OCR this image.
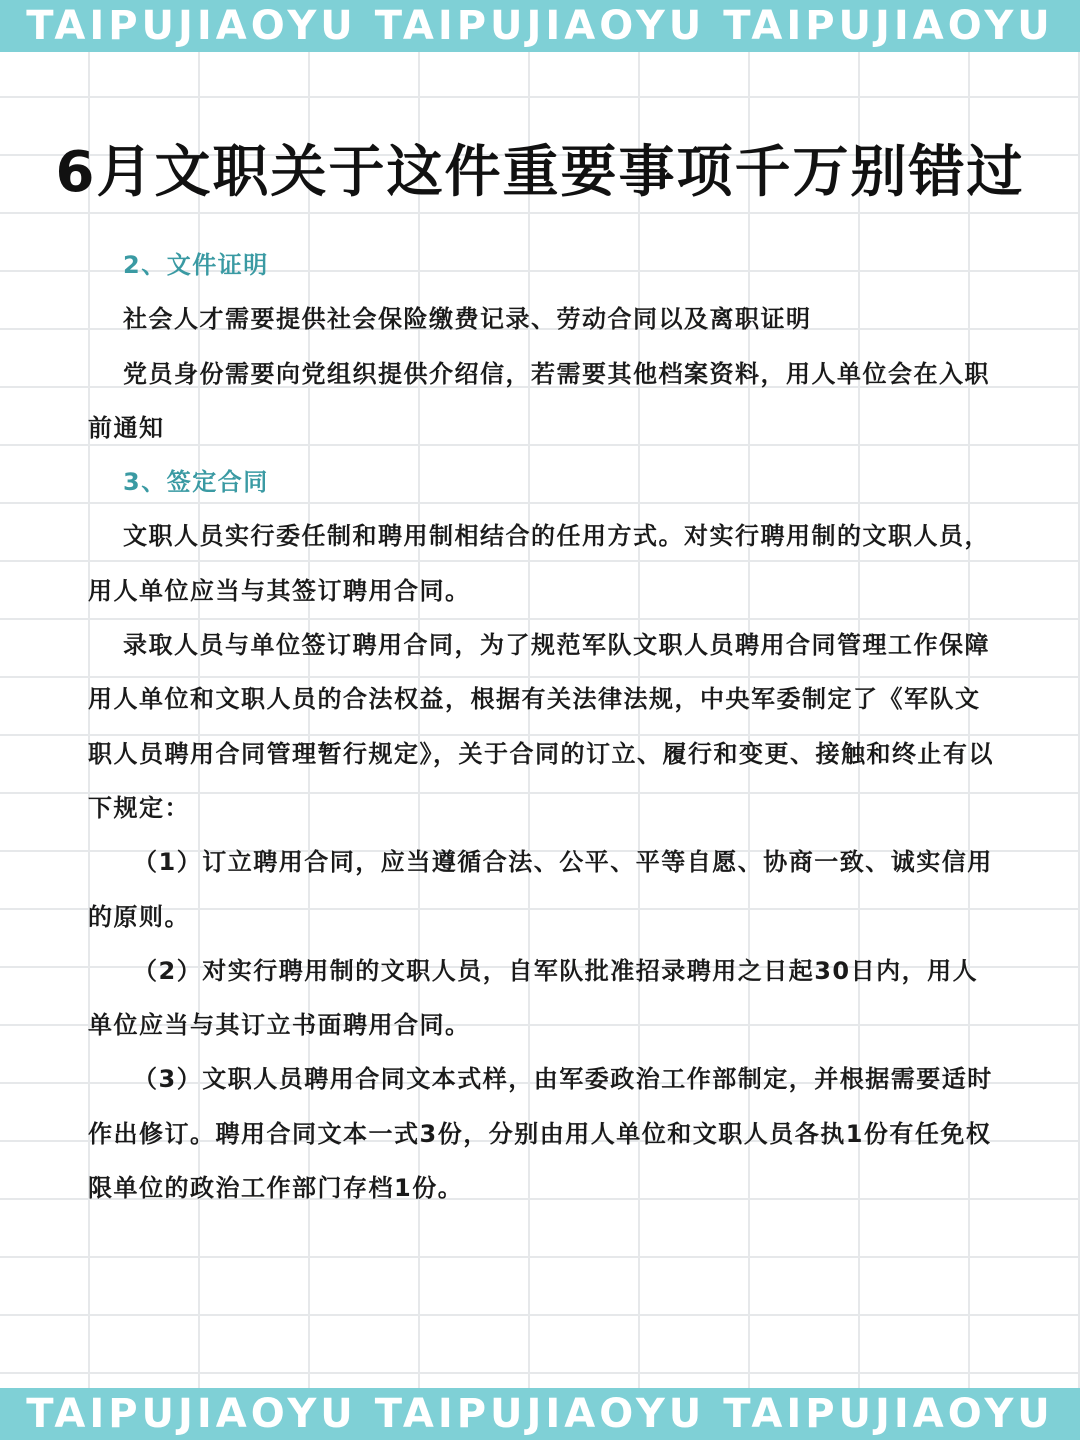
TAIPUJIAOYU TAIPUJIAOYU TAIPUJIAOYU
6月文职关于这件重要事项千万别错过
2、文件证明

社会人才需要提供社会保险缴费记录、劳动合同以及离职证明

党员身份需要向党组织提供介绍信，若需要其他档案资料，用人单位会在入职前通知

3、签定合同

文职人员实行委任制和聘用制相结合的任用方式。对实行聘用制的文职人员，用人单位应当与其签订聘用合同。

录取人员与单位签订聘用合同，为了规范军队文职人员聘用合同管理工作保障用人单位和文职人员的合法权益，根据有关法律法规，中央军委制定了《军队文职人员聘用合同管理暂行规定》，关于合同的订立、履行和变更、接触和终止有以下规定：

（1）订立聘用合同，应当遵循合法、公平、平等自愿、协商一致、诚实信用的原则。

（2）对实行聘用制的文职人员，自军队批准招录聘用之日起30日内，用人单位应当与其订立书面聘用合同。

（3）文职人员聘用合同文本式样，由军委政治工作部制定，并根据需要适时作出修订。聘用合同文本一式3份，分别由用人单位和文职人员各执1份有任免权限单位的政治工作部门存档1份。

TAIPUJIAOYU TAIPUJIAOYU TAIPUJIAOYU
